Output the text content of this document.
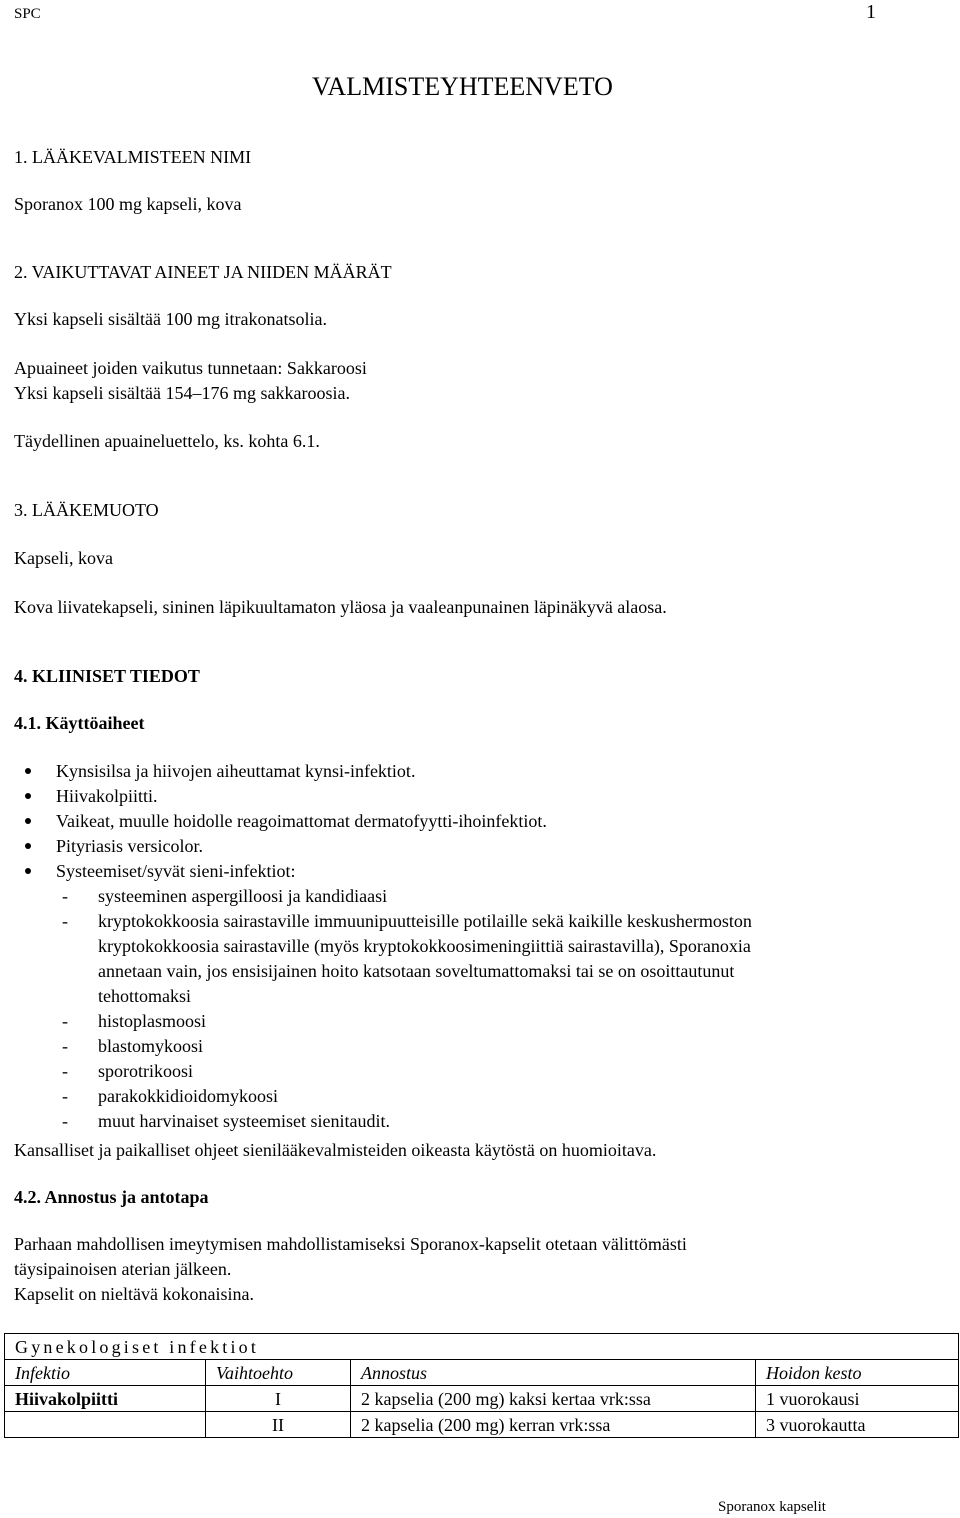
SPC	1
VALMISTEYHTEENVETO
1. LÄÄKEVALMISTEEN NIMI
Sporanox 100 mg kapseli, kova
2. VAIKUTTAVAT AINEET JA NIIDEN MÄÄRÄT
Yksi kapseli sisältää 100 mg itrakonatsolia.
Apuaineet joiden vaikutus tunnetaan: Sakkaroosi
Yksi kapseli sisältää 154–176 mg sakkaroosia.
Täydellinen apuaineluettelo, ks. kohta 6.1.
3. LÄÄKEMUOTO
Kapseli, kova
Kova liivatekapseli, sininen läpikuultamaton yläosa ja vaaleanpunainen läpinäkyvä alaosa.
4. KLIINISET TIEDOT
4.1. Käyttöaiheet
Kynsisilsa ja hiivojen aiheuttamat kynsi-infektiot.
Hiivakolpiitti.
Vaikeat, muulle hoidolle reagoimattomat dermatofyytti-ihoinfektiot.
Pityriasis versicolor.
Systeemiset/syvät sieni-infektiot:
- systeeminen aspergilloosi ja kandidiaasi
- kryptokokkoosia sairastaville immuunipuutteisille potilaille sekä kaikille keskushermoston
kryptokokkoosia sairastaville (myös kryptokokkoosimeningiittiä sairastavilla), Sporanoxia
annetaan vain, jos ensisijainen hoito katsotaan soveltumattomaksi tai se on osoittautunut
tehottomaksi
- histoplasmoosi
- blastomykoosi
- sporotrikoosi
- parakokkidioidomykoosi
- muut harvinaiset systeemiset sienitaudit.
Kansalliset ja paikalliset ohjeet sienilääkevalmisteiden oikeasta käytöstä on huomioitava.
4.2. Annostus ja antotapa
Parhaan mahdollisen imeytymisen mahdollistamiseksi Sporanox-kapselit otetaan välittömästi
täysipainoisen aterian jälkeen.
Kapselit on nieltävä kokonaisina.
Gynekologiset infektiot			
Infektio	Vaihtoehto	Annostus	Hoidon kesto
Hiivakolpiitti	I	2 kapselia (200 mg) kaksi kertaa vrk:ssa	1 vuorokausi
	II	2 kapselia (200 mg) kerran vrk:ssa	3 vuorokautta
Sporanox kapselit
